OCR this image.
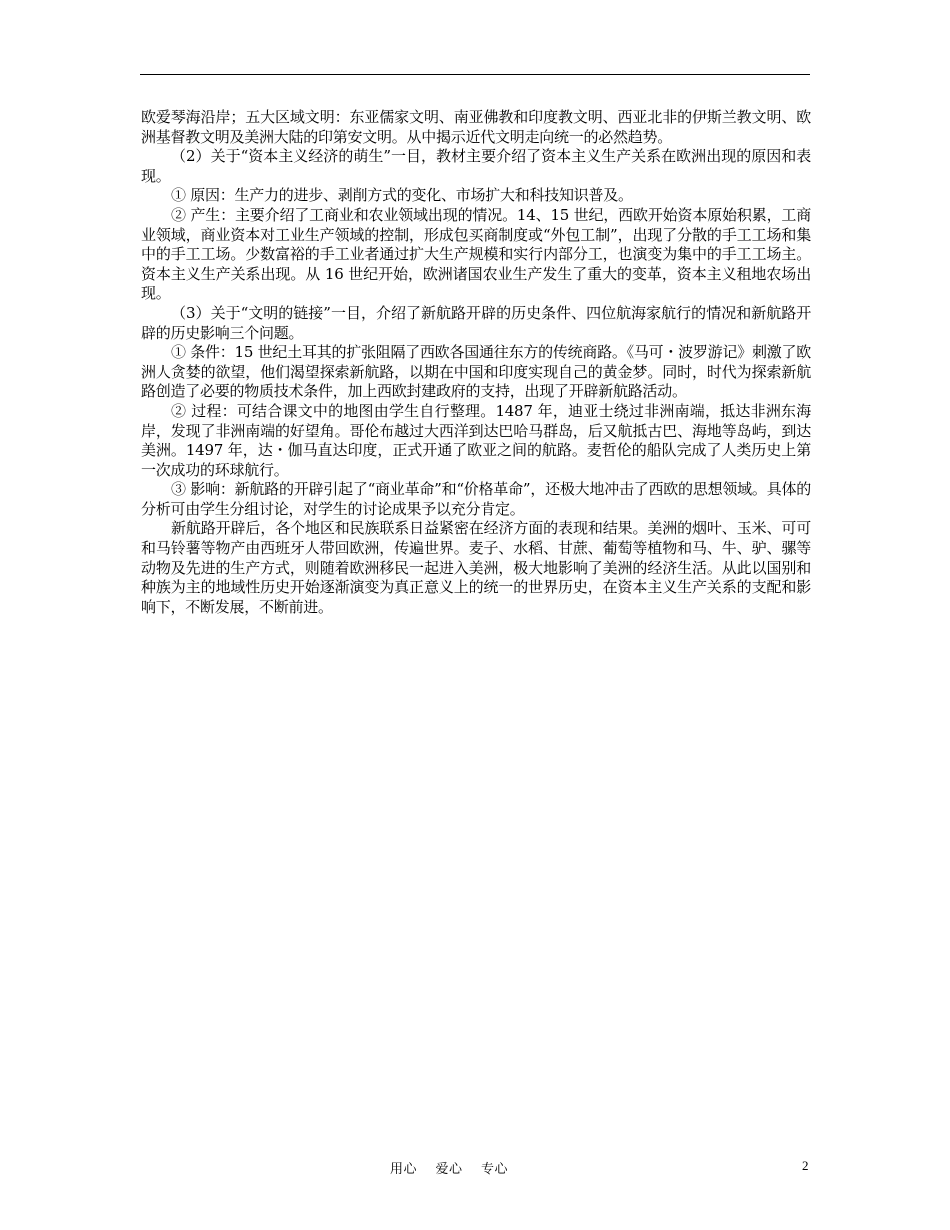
欧爱琴海沿岸；五大区域文明：东亚儒家文明、南亚佛教和印度教文明、西亚北非的伊斯兰教文明、欧洲基督教文明及美洲大陆的印第安文明。从中揭示近代文明走向统一的必然趋势。

（2）关于“资本主义经济的萌生”一目，教材主要介绍了资本主义生产关系在欧洲出现的原因和表现。

① 原因：生产力的进步、剥削方式的变化、市场扩大和科技知识普及。

② 产生：主要介绍了工商业和农业领域出现的情况。14、15 世纪，西欧开始资本原始积累，工商业领域，商业资本对工业生产领域的控制，形成包买商制度或“外包工制”，出现了分散的手工工场和集中的手工工场。少数富裕的手工业者通过扩大生产规模和实行内部分工，也演变为集中的手工工场主。资本主义生产关系出现。从 16 世纪开始，欧洲诸国农业生产发生了重大的变革，资本主义租地农场出现。

（3）关于“文明的链接”一目，介绍了新航路开辟的历史条件、四位航海家航行的情况和新航路开辟的历史影响三个问题。

① 条件：15 世纪土耳其的扩张阻隔了西欧各国通往东方的传统商路。《马可・波罗游记》刺激了欧洲人贪婪的欲望，他们渴望探索新航路，以期在中国和印度实现自己的黄金梦。同时，时代为探索新航路创造了必要的物质技术条件，加上西欧封建政府的支持，出现了开辟新航路活动。

② 过程：可结合课文中的地图由学生自行整理。1487 年，迪亚士绕过非洲南端，抵达非洲东海岸，发现了非洲南端的好望角。哥伦布越过大西洋到达巴哈马群岛，后又航抵古巴、海地等岛屿，到达美洲。1497 年，达・伽马直达印度，正式开通了欧亚之间的航路。麦哲伦的船队完成了人类历史上第一次成功的环球航行。

③ 影响：新航路的开辟引起了“商业革命”和“价格革命”，还极大地冲击了西欧的思想领域。具体的分析可由学生分组讨论，对学生的讨论成果予以充分肯定。

新航路开辟后，各个地区和民族联系日益紧密在经济方面的表现和结果。美洲的烟叶、玉米、可可和马铃薯等物产由西班牙人带回欧洲，传遍世界。麦子、水稻、甘蔗、葡萄等植物和马、牛、驴、骡等动物及先进的生产方式，则随着欧洲移民一起进入美洲，极大地影响了美洲的经济生活。从此以国别和种族为主的地域性历史开始逐渐演变为真正意义上的统一的世界历史，在资本主义生产关系的支配和影响下，不断发展，不断前进。

用心    爱心    专心	2
